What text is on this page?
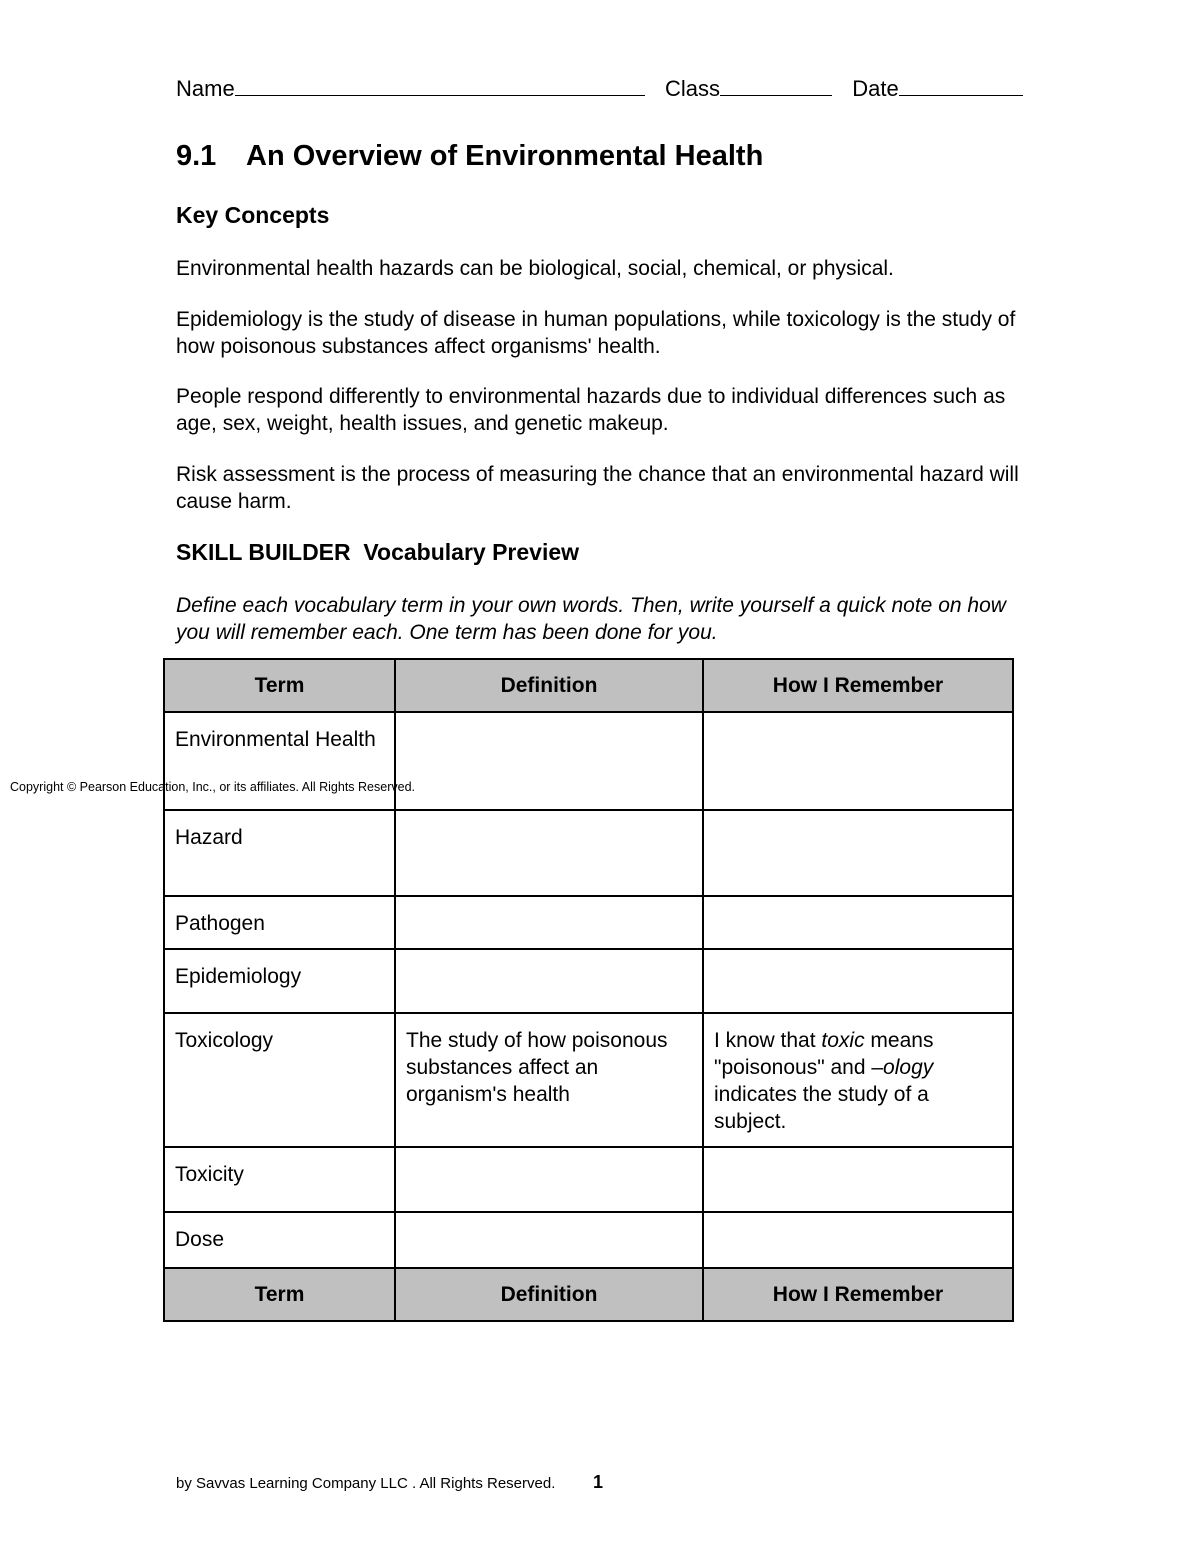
Name	Class	Date
9.1 An Overview of Environmental Health
Key Concepts
Environmental health hazards can be biological, social, chemical, or physical.
Epidemiology is the study of disease in human populations, while toxicology is the study of how poisonous substances affect organisms' health.
People respond differently to environmental hazards due to individual differences such as age, sex, weight, health issues, and genetic makeup.
Risk assessment is the process of measuring the chance that an environmental hazard will cause harm.
SKILL BUILDER  Vocabulary Preview
Define each vocabulary term in your own words. Then, write yourself a quick note on how you will remember each. One term has been done for you.
Term	Definition	How I Remember
Environmental Health		
Hazard		
Pathogen		
Epidemiology		
Toxicology	The study of how poisonous substances affect an organism's health	I know that toxic means "poisonous" and –ology indicates the study of a subject.
Toxicity		
Dose		
Term	Definition	How I Remember
Copyright © Pearson Education, Inc., or its affiliates. All Rights Reserved.
by Savvas Learning Company LLC . All Rights Reserved. 1
